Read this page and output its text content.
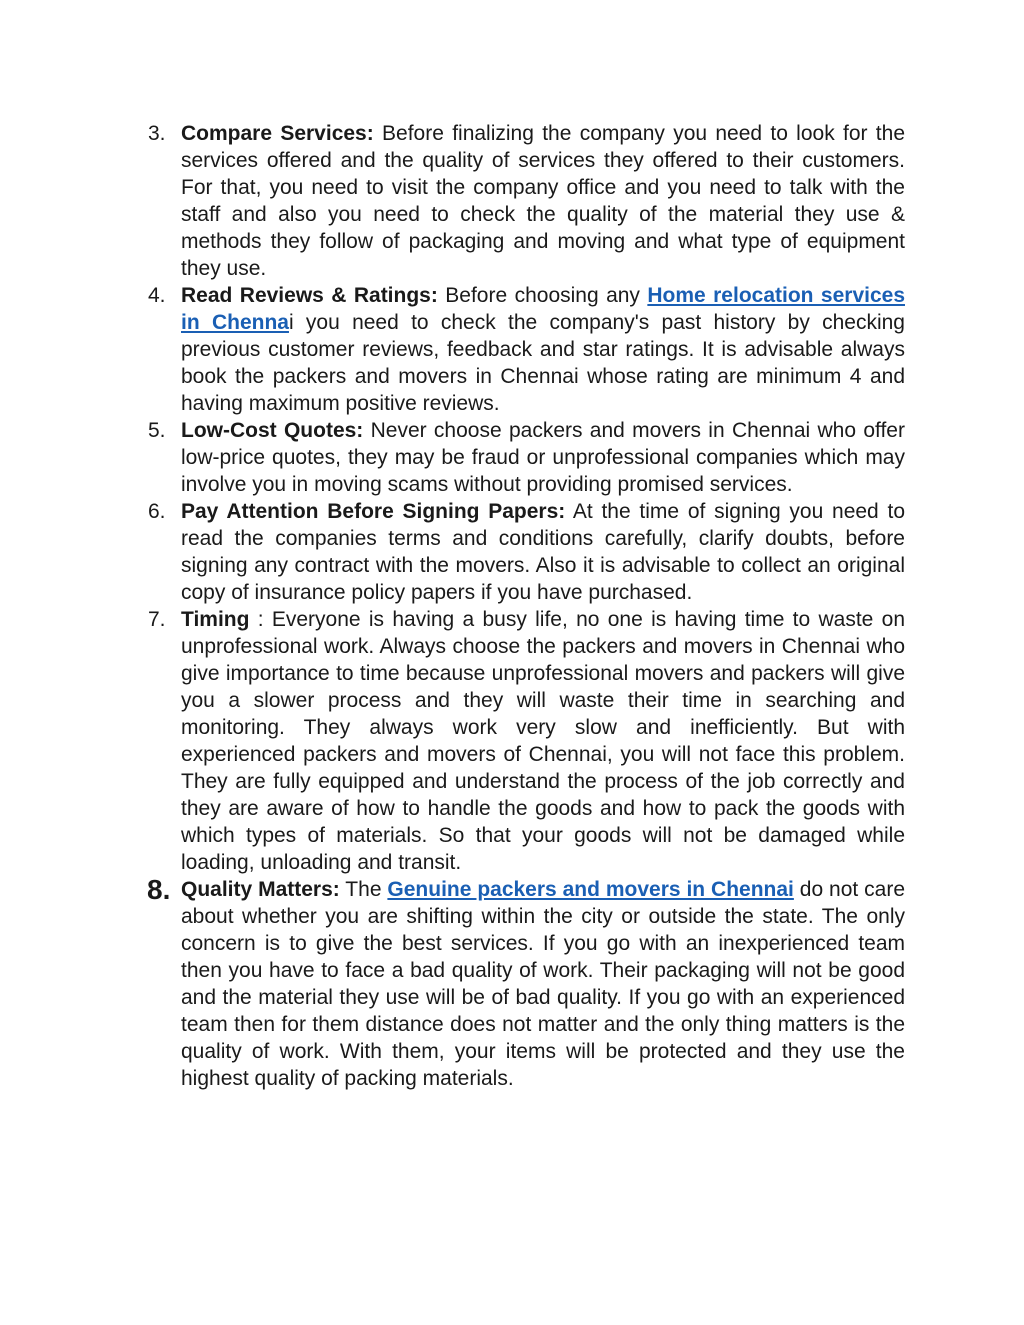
3. Compare Services: Before finalizing the company you need to look for the services offered and the quality of services they offered to their customers. For that, you need to visit the company office and you need to talk with the staff and also you need to check the quality of the material they use & methods they follow of packaging and moving and what type of equipment they use.
4. Read Reviews & Ratings: Before choosing any Home relocation services in Chennai you need to check the company's past history by checking previous customer reviews, feedback and star ratings. It is advisable always book the packers and movers in Chennai whose rating are minimum 4 and having maximum positive reviews.
5. Low-Cost Quotes: Never choose packers and movers in Chennai who offer low-price quotes, they may be fraud or unprofessional companies which may involve you in moving scams without providing promised services.
6. Pay Attention Before Signing Papers: At the time of signing you need to read the companies terms and conditions carefully, clarify doubts, before signing any contract with the movers. Also it is advisable to collect an original copy of insurance policy papers if you have purchased.
7. Timing : Everyone is having a busy life, no one is having time to waste on unprofessional work. Always choose the packers and movers in Chennai who give importance to time because unprofessional movers and packers will give you a slower process and they will waste their time in searching and monitoring. They always work very slow and inefficiently. But with experienced packers and movers of Chennai, you will not face this problem. They are fully equipped and understand the process of the job correctly and they are aware of how to handle the goods and how to pack the goods with which types of materials. So that your goods will not be damaged while loading, unloading and transit.
8. Quality Matters: The Genuine packers and movers in Chennai do not care about whether you are shifting within the city or outside the state. The only concern is to give the best services. If you go with an inexperienced team then you have to face a bad quality of work. Their packaging will not be good and the material they use will be of bad quality. If you go with an experienced team then for them distance does not matter and the only thing matters is the quality of work. With them, your items will be protected and they use the highest quality of packing materials.
